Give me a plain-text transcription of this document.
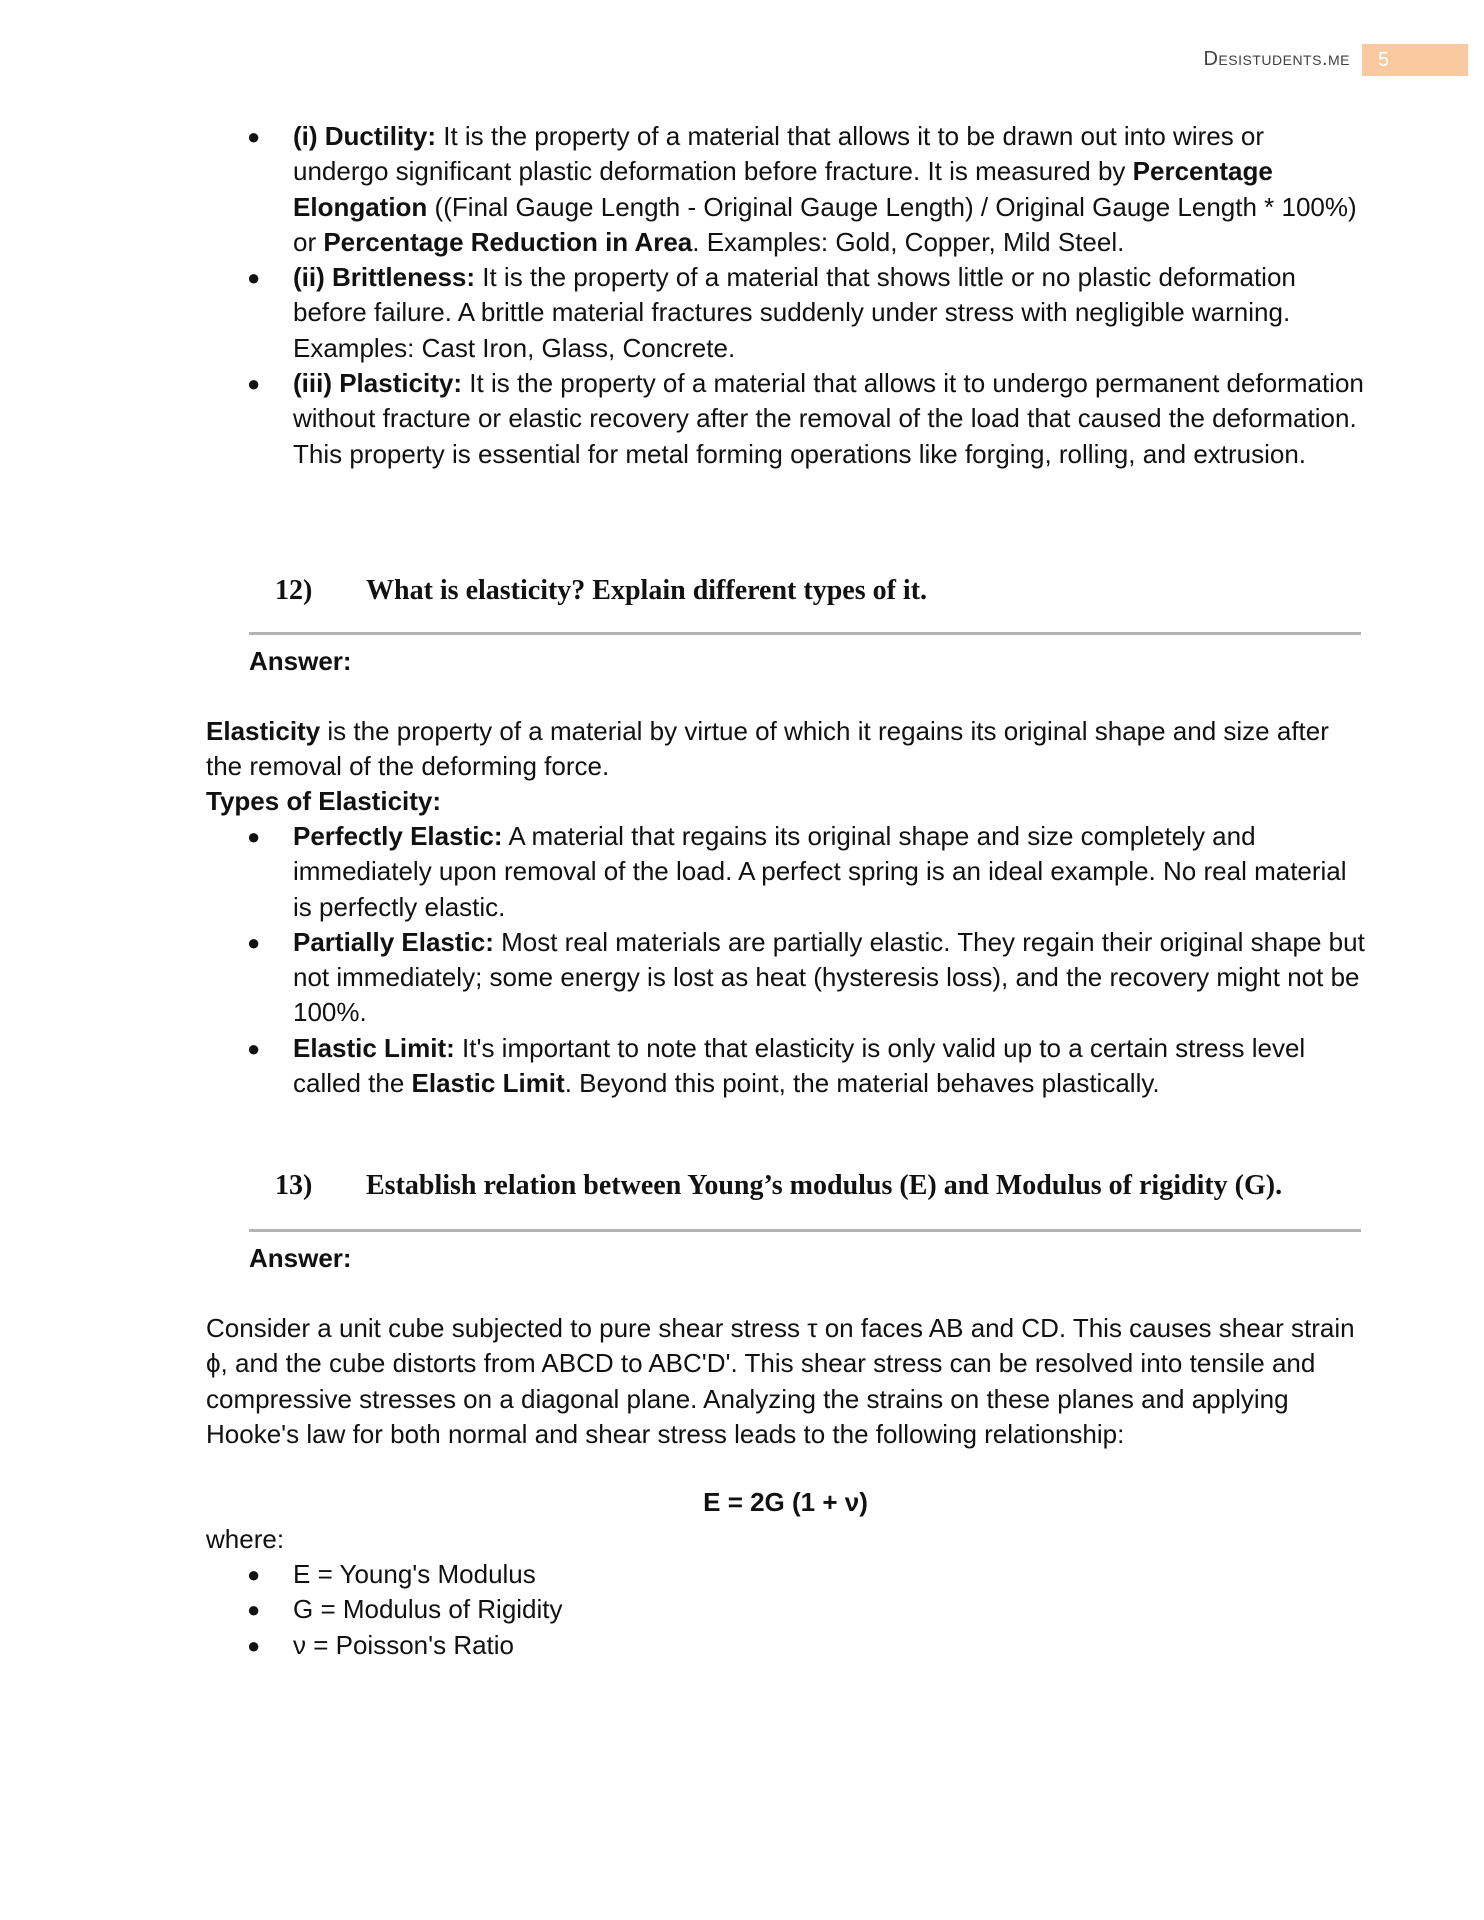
Desistudents.me	5
● (i) Ductility: It is the property of a material that allows it to be drawn out into wires or undergo significant plastic deformation before fracture. It is measured by Percentage Elongation ((Final Gauge Length - Original Gauge Length) / Original Gauge Length * 100%) or Percentage Reduction in Area. Examples: Gold, Copper, Mild Steel.
● (ii) Brittleness: It is the property of a material that shows little or no plastic deformation before failure. A brittle material fractures suddenly under stress with negligible warning. Examples: Cast Iron, Glass, Concrete.
● (iii) Plasticity: It is the property of a material that allows it to undergo permanent deformation without fracture or elastic recovery after the removal of the load that caused the deformation. This property is essential for metal forming operations like forging, rolling, and extrusion.
12) What is elasticity? Explain different types of it.
Answer:
Elasticity is the property of a material by virtue of which it regains its original shape and size after the removal of the deforming force.
Types of Elasticity:
● Perfectly Elastic: A material that regains its original shape and size completely and immediately upon removal of the load. A perfect spring is an ideal example. No real material is perfectly elastic.
● Partially Elastic: Most real materials are partially elastic. They regain their original shape but not immediately; some energy is lost as heat (hysteresis loss), and the recovery might not be 100%.
● Elastic Limit: It's important to note that elasticity is only valid up to a certain stress level called the Elastic Limit. Beyond this point, the material behaves plastically.
13) Establish relation between Young’s modulus (E) and Modulus of rigidity (G).
Answer:
Consider a unit cube subjected to pure shear stress τ on faces AB and CD. This causes shear strain ϕ, and the cube distorts from ABCD to ABC'D'. This shear stress can be resolved into tensile and compressive stresses on a diagonal plane. Analyzing the strains on these planes and applying Hooke's law for both normal and shear stress leads to the following relationship:
E = 2G (1 + ν)
where:
● E = Young's Modulus
● G = Modulus of Rigidity
● ν = Poisson's Ratio
